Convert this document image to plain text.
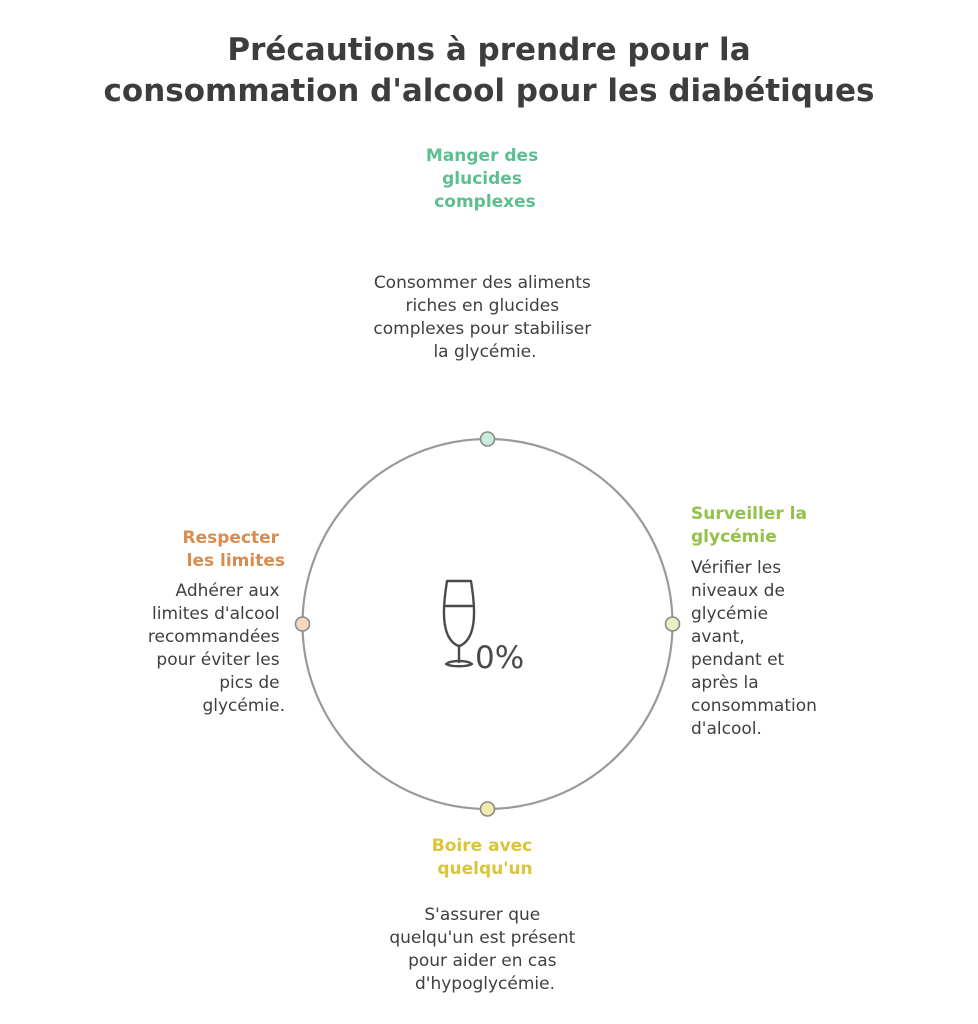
Précautions à prendre pour la
consommation d'alcool pour les diabétiques
0%
Manger des glucides complexes
Consommer des aliments riches en glucides complexes pour stabiliser la glycémie.
Surveiller la glycémie
Vérifier les niveaux de glycémie avant, pendant et après la consommation d'alcool.
Boire avec quelqu'un
S'assurer que quelqu'un est présent pour aider en cas d'hypoglycémie.
Respecter les limites
Adhérer aux limites d'alcool recommandées pour éviter les pics de glycémie.
